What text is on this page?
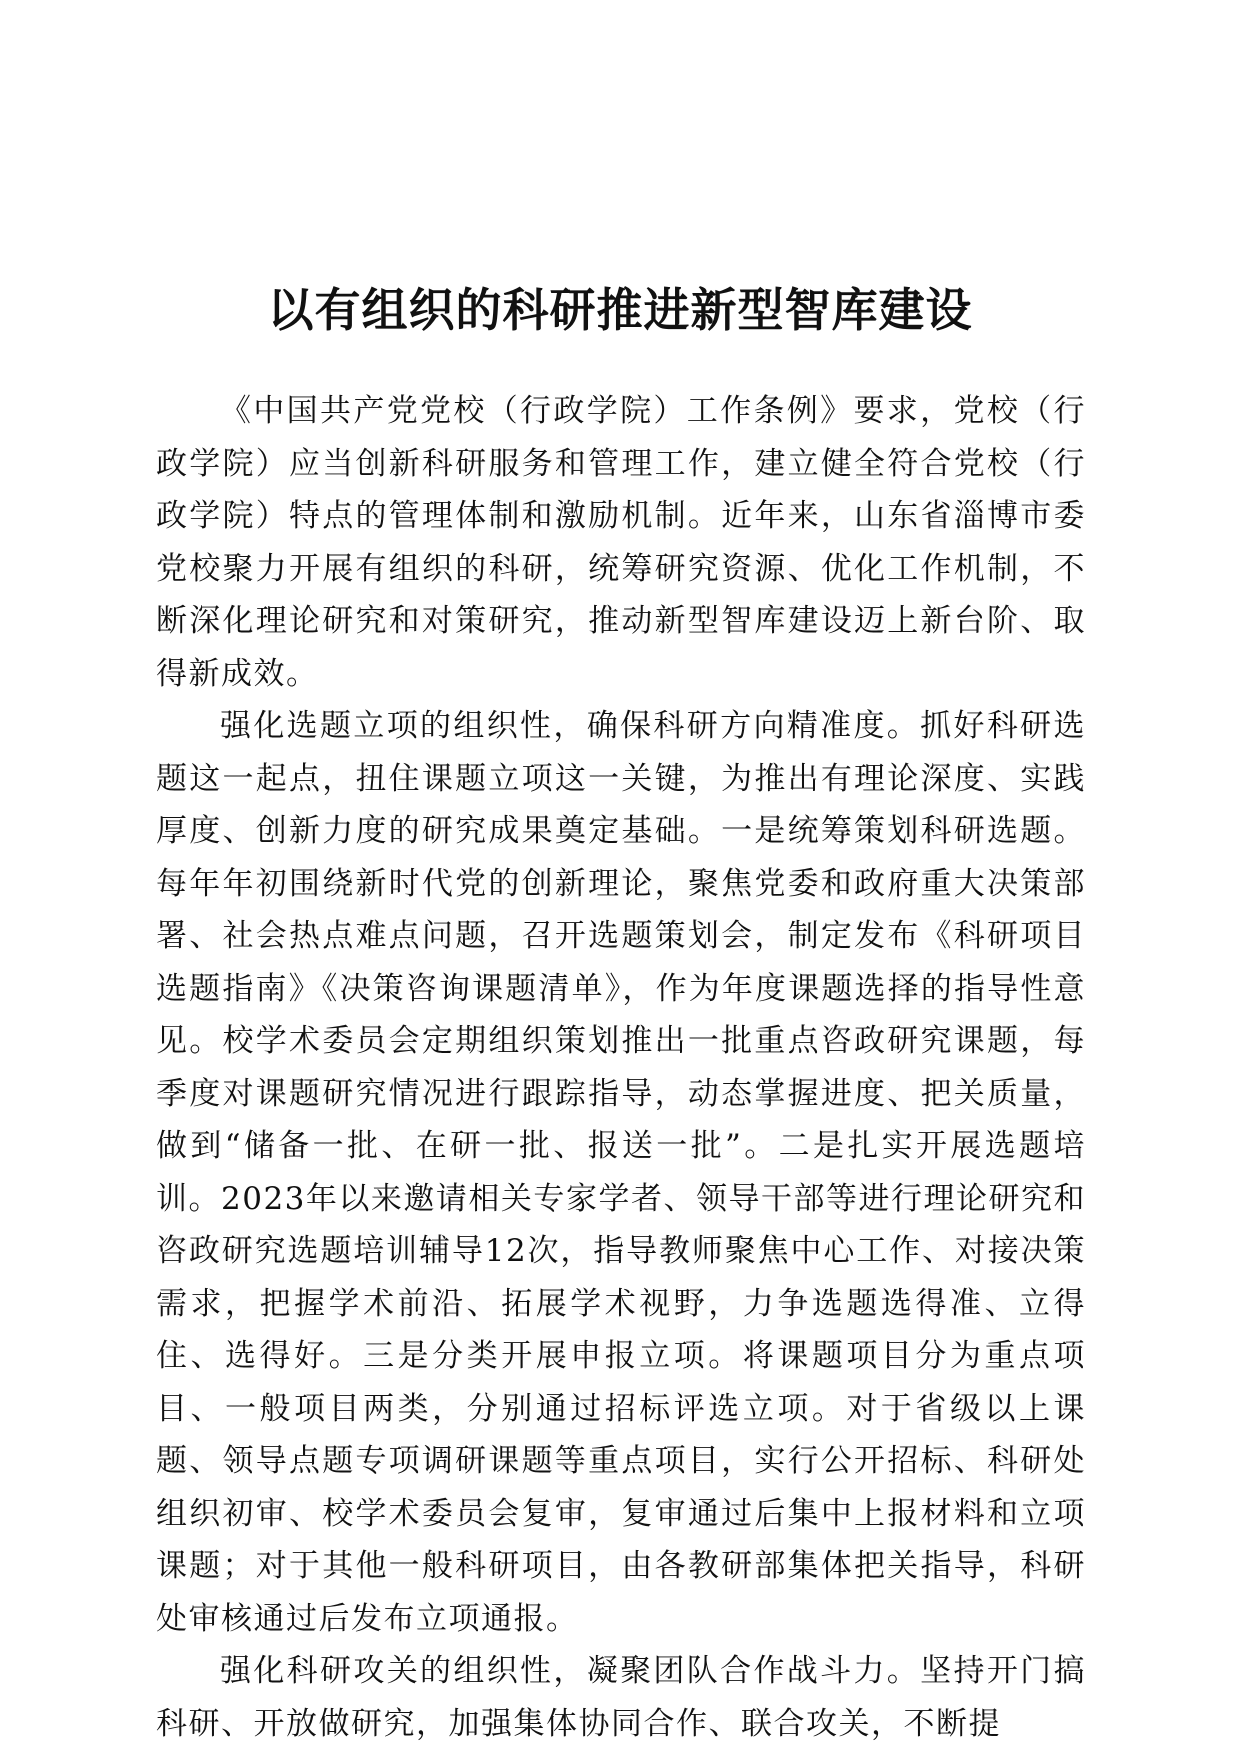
以有组织的科研推进新型智库建设

《中国共产党党校（行政学院）工作条例》要求，党校（行政学院）应当创新科研服务和管理工作，建立健全符合党校（行政学院）特点的管理体制和激励机制。近年来，山东省淄博市委党校聚力开展有组织的科研，统筹研究资源、优化工作机制，不断深化理论研究和对策研究，推动新型智库建设迈上新台阶、取得新成效。

强化选题立项的组织性，确保科研方向精准度。抓好科研选题这一起点，扭住课题立项这一关键，为推出有理论深度、实践厚度、创新力度的研究成果奠定基础。一是统筹策划科研选题。每年年初围绕新时代党的创新理论，聚焦党委和政府重大决策部署、社会热点难点问题，召开选题策划会，制定发布《科研项目选题指南》《决策咨询课题清单》，作为年度课题选择的指导性意见。校学术委员会定期组织策划推出一批重点咨政研究课题，每季度对课题研究情况进行跟踪指导，动态掌握进度、把关质量，做到“储备一批、在研一批、报送一批”。二是扎实开展选题培训。2023年以来邀请相关专家学者、领导干部等进行理论研究和咨政研究选题培训辅导12次，指导教师聚焦中心工作、对接决策需求，把握学术前沿、拓展学术视野，力争选题选得准、立得住、选得好。三是分类开展申报立项。将课题项目分为重点项目、一般项目两类，分别通过招标评选立项。对于省级以上课题、领导点题专项调研课题等重点项目，实行公开招标、科研处组织初审、校学术委员会复审，复审通过后集中上报材料和立项课题；对于其他一般科研项目，由各教研部集体把关指导，科研处审核通过后发布立项通报。

强化科研攻关的组织性，凝聚团队合作战斗力。坚持开门搞科研、开放做研究，加强集体协同合作、联合攻关，不断提
